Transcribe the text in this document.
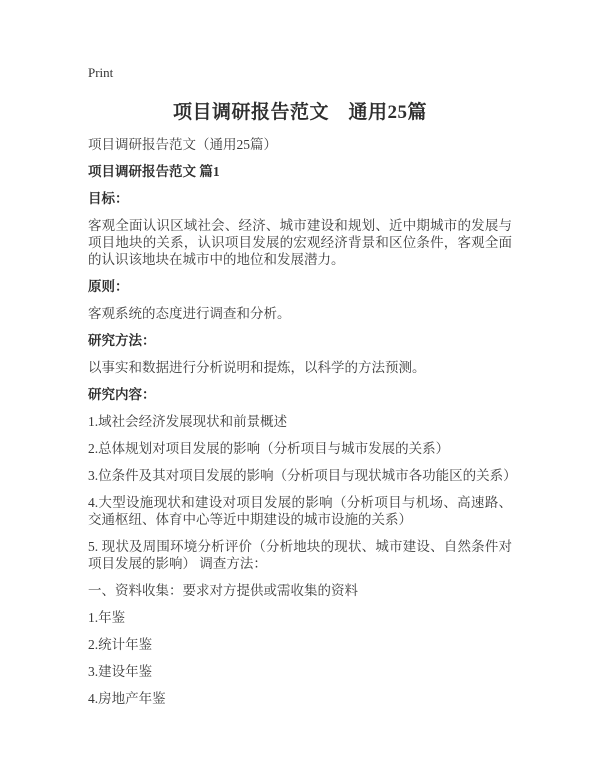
Print
项目调研报告范文　通用25篇

项目调研报告范文（通用25篇）

项目调研报告范文 篇1

目标：

客观全面认识区域社会、经济、城市建设和规划、近中期城市的发展与项目地块的关系，认识项目发展的宏观经济背景和区位条件，客观全面的认识该地块在城市中的地位和发展潜力。

原则：

客观系统的态度进行调查和分析。

研究方法：

以事实和数据进行分析说明和提炼，以科学的方法预测。

研究内容：

1.域社会经济发展现状和前景概述

2.总体规划对项目发展的影响（分析项目与城市发展的关系）

3.位条件及其对项目发展的影响（分析项目与现状城市各功能区的关系）

4.大型设施现状和建设对项目发展的影响（分析项目与机场、高速路、交通枢纽、体育中心等近中期建设的城市设施的关系）

5. 现状及周围环境分析评价（分析地块的现状、城市建设、自然条件对项目发展的影响） 调查方法：

一、资料收集：要求对方提供或需收集的资料

1.年鉴

2.统计年鉴

3.建设年鉴

4.房地产年鉴
